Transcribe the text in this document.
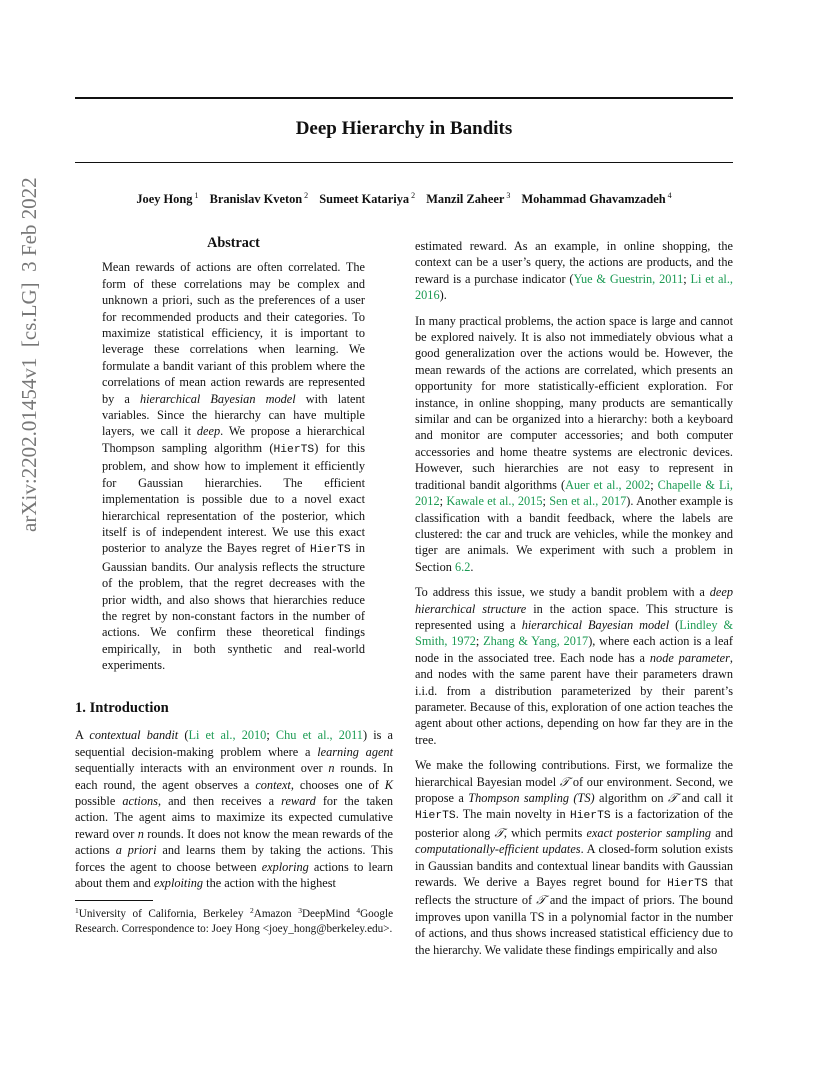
arXiv:2202.01454v1  [cs.LG]  3 Feb 2022
Deep Hierarchy in Bandits
Joey Hong $^1$ Branislav Kveton $^2$ Sumeet Katariya $^2$ Manzil Zaheer $^3$ Mohammad Ghavamzadeh $^4$
Abstract
Mean rewards of actions are often correlated. The form of these correlations may be complex and unknown a priori, such as the preferences of a user for recommended products and their categories. To maximize statistical efficiency, it is important to leverage these correlations when learning. We formulate a bandit variant of this problem where the correlations of mean action rewards are represented by a hierarchical Bayesian model with latent variables. Since the hierarchy can have multiple layers, we call it deep. We propose a hierarchical Thompson sampling algorithm (HierTS) for this problem, and show how to implement it efficiently for Gaussian hierarchies. The efficient implementation is possible due to a novel exact hierarchical representation of the posterior, which itself is of independent interest. We use this exact posterior to analyze the Bayes regret of HierTS in Gaussian bandits. Our analysis reflects the structure of the problem, that the regret decreases with the prior width, and also shows that hierarchies reduce the regret by non-constant factors in the number of actions. We confirm these theoretical findings empirically, in both synthetic and real-world experiments.
1. Introduction

A contextual bandit (Li et al., 2010; Chu et al., 2011) is a sequential decision-making problem where a learning agent sequentially interacts with an environment over n rounds. In each round, the agent observes a context, chooses one of K possible actions, and then receives a reward for the taken action. The agent aims to maximize its expected cumulative reward over n rounds. It does not know the mean rewards of the actions a priori and learns them by taking the actions. This forces the agent to choose between exploring actions to learn about them and exploiting the action with the highest

$^1$University of California, Berkeley $^2$Amazon $^3$DeepMind $^4$Google Research. Correspondence to: Joey Hong <joey_hong@berkeley.edu>.

estimated reward. As an example, in online shopping, the context can be a user’s query, the actions are products, and the reward is a purchase indicator (Yue & Guestrin, 2011; Li et al., 2016).

In many practical problems, the action space is large and cannot be explored naively. It is also not immediately obvious what a good generalization over the actions would be. However, the mean rewards of the actions are correlated, which presents an opportunity for more statistically-efficient exploration. For instance, in online shopping, many products are semantically similar and can be organized into a hierarchy: both a keyboard and monitor are computer accessories; and both computer accessories and home theatre systems are electronic devices. However, such hierarchies are not easy to represent in traditional bandit algorithms (Auer et al., 2002; Chapelle & Li, 2012; Kawale et al., 2015; Sen et al., 2017). Another example is classification with a bandit feedback, where the labels are clustered: the car and truck are vehicles, while the monkey and tiger are animals. We experiment with such a problem in Section 6.2.

To address this issue, we study a bandit problem with a deep hierarchical structure in the action space. This structure is represented using a hierarchical Bayesian model (Lindley & Smith, 1972; Zhang & Yang, 2017), where each action is a leaf node in the associated tree. Each node has a node parameter, and nodes with the same parent have their parameters drawn i.i.d. from a distribution parameterized by their parent’s parameter. Because of this, exploration of one action teaches the agent about other actions, depending on how far they are in the tree.

We make the following contributions. First, we formalize the hierarchical Bayesian model 𝒯 of our environment. Second, we propose a Thompson sampling (TS) algorithm on 𝒯 and call it HierTS. The main novelty in HierTS is a factorization of the posterior along 𝒯, which permits exact posterior sampling and computationally-efficient updates. A closed-form solution exists in Gaussian bandits and contextual linear bandits with Gaussian rewards. We derive a Bayes regret bound for HierTS that reflects the structure of 𝒯 and the impact of priors. The bound improves upon vanilla TS in a polynomial factor in the number of actions, and thus shows increased statistical efficiency due to the hierarchy. We validate these findings empirically and also
